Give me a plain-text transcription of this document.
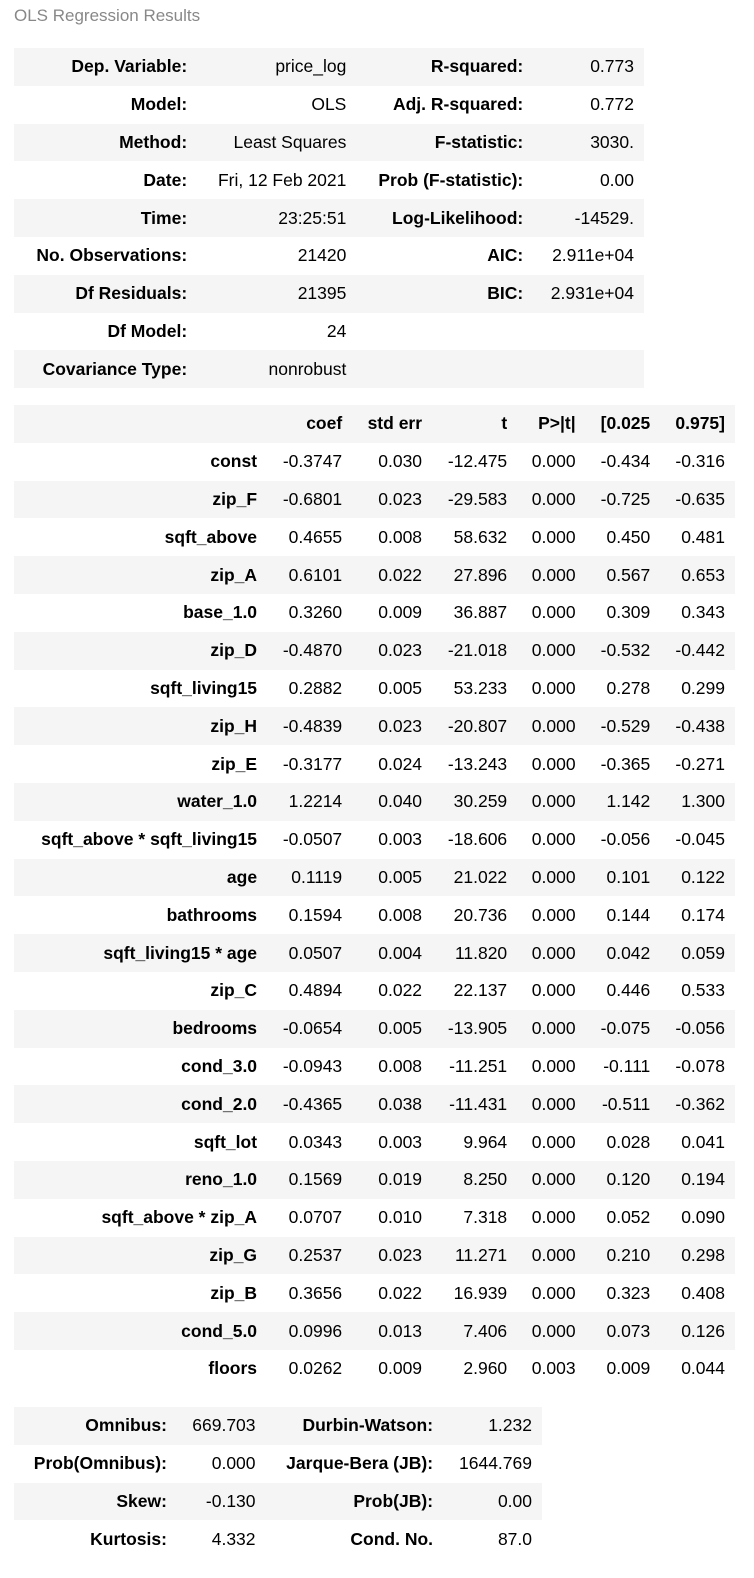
OLS Regression Results
Dep. Variable:	price_log	R-squared:	0.773
Model:	OLS	Adj. R-squared:	0.772
Method:	Least Squares	F-statistic:	3030.
Date:	Fri, 12 Feb 2021	Prob (F-statistic):	0.00
Time:	23:25:51	Log-Likelihood:	-14529.
No. Observations:	21420	AIC:	2.911e+04
Df Residuals:	21395	BIC:	2.931e+04
Df Model:	24		
Covariance Type:	nonrobust		
	coef	std err	t	P>|t|	[0.025	0.975]
const	-0.3747	0.030	-12.475	0.000	-0.434	-0.316
zip_F	-0.6801	0.023	-29.583	0.000	-0.725	-0.635
sqft_above	0.4655	0.008	58.632	0.000	0.450	0.481
zip_A	0.6101	0.022	27.896	0.000	0.567	0.653
base_1.0	0.3260	0.009	36.887	0.000	0.309	0.343
zip_D	-0.4870	0.023	-21.018	0.000	-0.532	-0.442
sqft_living15	0.2882	0.005	53.233	0.000	0.278	0.299
zip_H	-0.4839	0.023	-20.807	0.000	-0.529	-0.438
zip_E	-0.3177	0.024	-13.243	0.000	-0.365	-0.271
water_1.0	1.2214	0.040	30.259	0.000	1.142	1.300
sqft_above * sqft_living15	-0.0507	0.003	-18.606	0.000	-0.056	-0.045
age	0.1119	0.005	21.022	0.000	0.101	0.122
bathrooms	0.1594	0.008	20.736	0.000	0.144	0.174
sqft_living15 * age	0.0507	0.004	11.820	0.000	0.042	0.059
zip_C	0.4894	0.022	22.137	0.000	0.446	0.533
bedrooms	-0.0654	0.005	-13.905	0.000	-0.075	-0.056
cond_3.0	-0.0943	0.008	-11.251	0.000	-0.111	-0.078
cond_2.0	-0.4365	0.038	-11.431	0.000	-0.511	-0.362
sqft_lot	0.0343	0.003	9.964	0.000	0.028	0.041
reno_1.0	0.1569	0.019	8.250	0.000	0.120	0.194
sqft_above * zip_A	0.0707	0.010	7.318	0.000	0.052	0.090
zip_G	0.2537	0.023	11.271	0.000	0.210	0.298
zip_B	0.3656	0.022	16.939	0.000	0.323	0.408
cond_5.0	0.0996	0.013	7.406	0.000	0.073	0.126
floors	0.0262	0.009	2.960	0.003	0.009	0.044
Omnibus:	669.703	Durbin-Watson:	1.232
Prob(Omnibus):	0.000	Jarque-Bera (JB):	1644.769
Skew:	-0.130	Prob(JB):	0.00
Kurtosis:	4.332	Cond. No.	87.0
